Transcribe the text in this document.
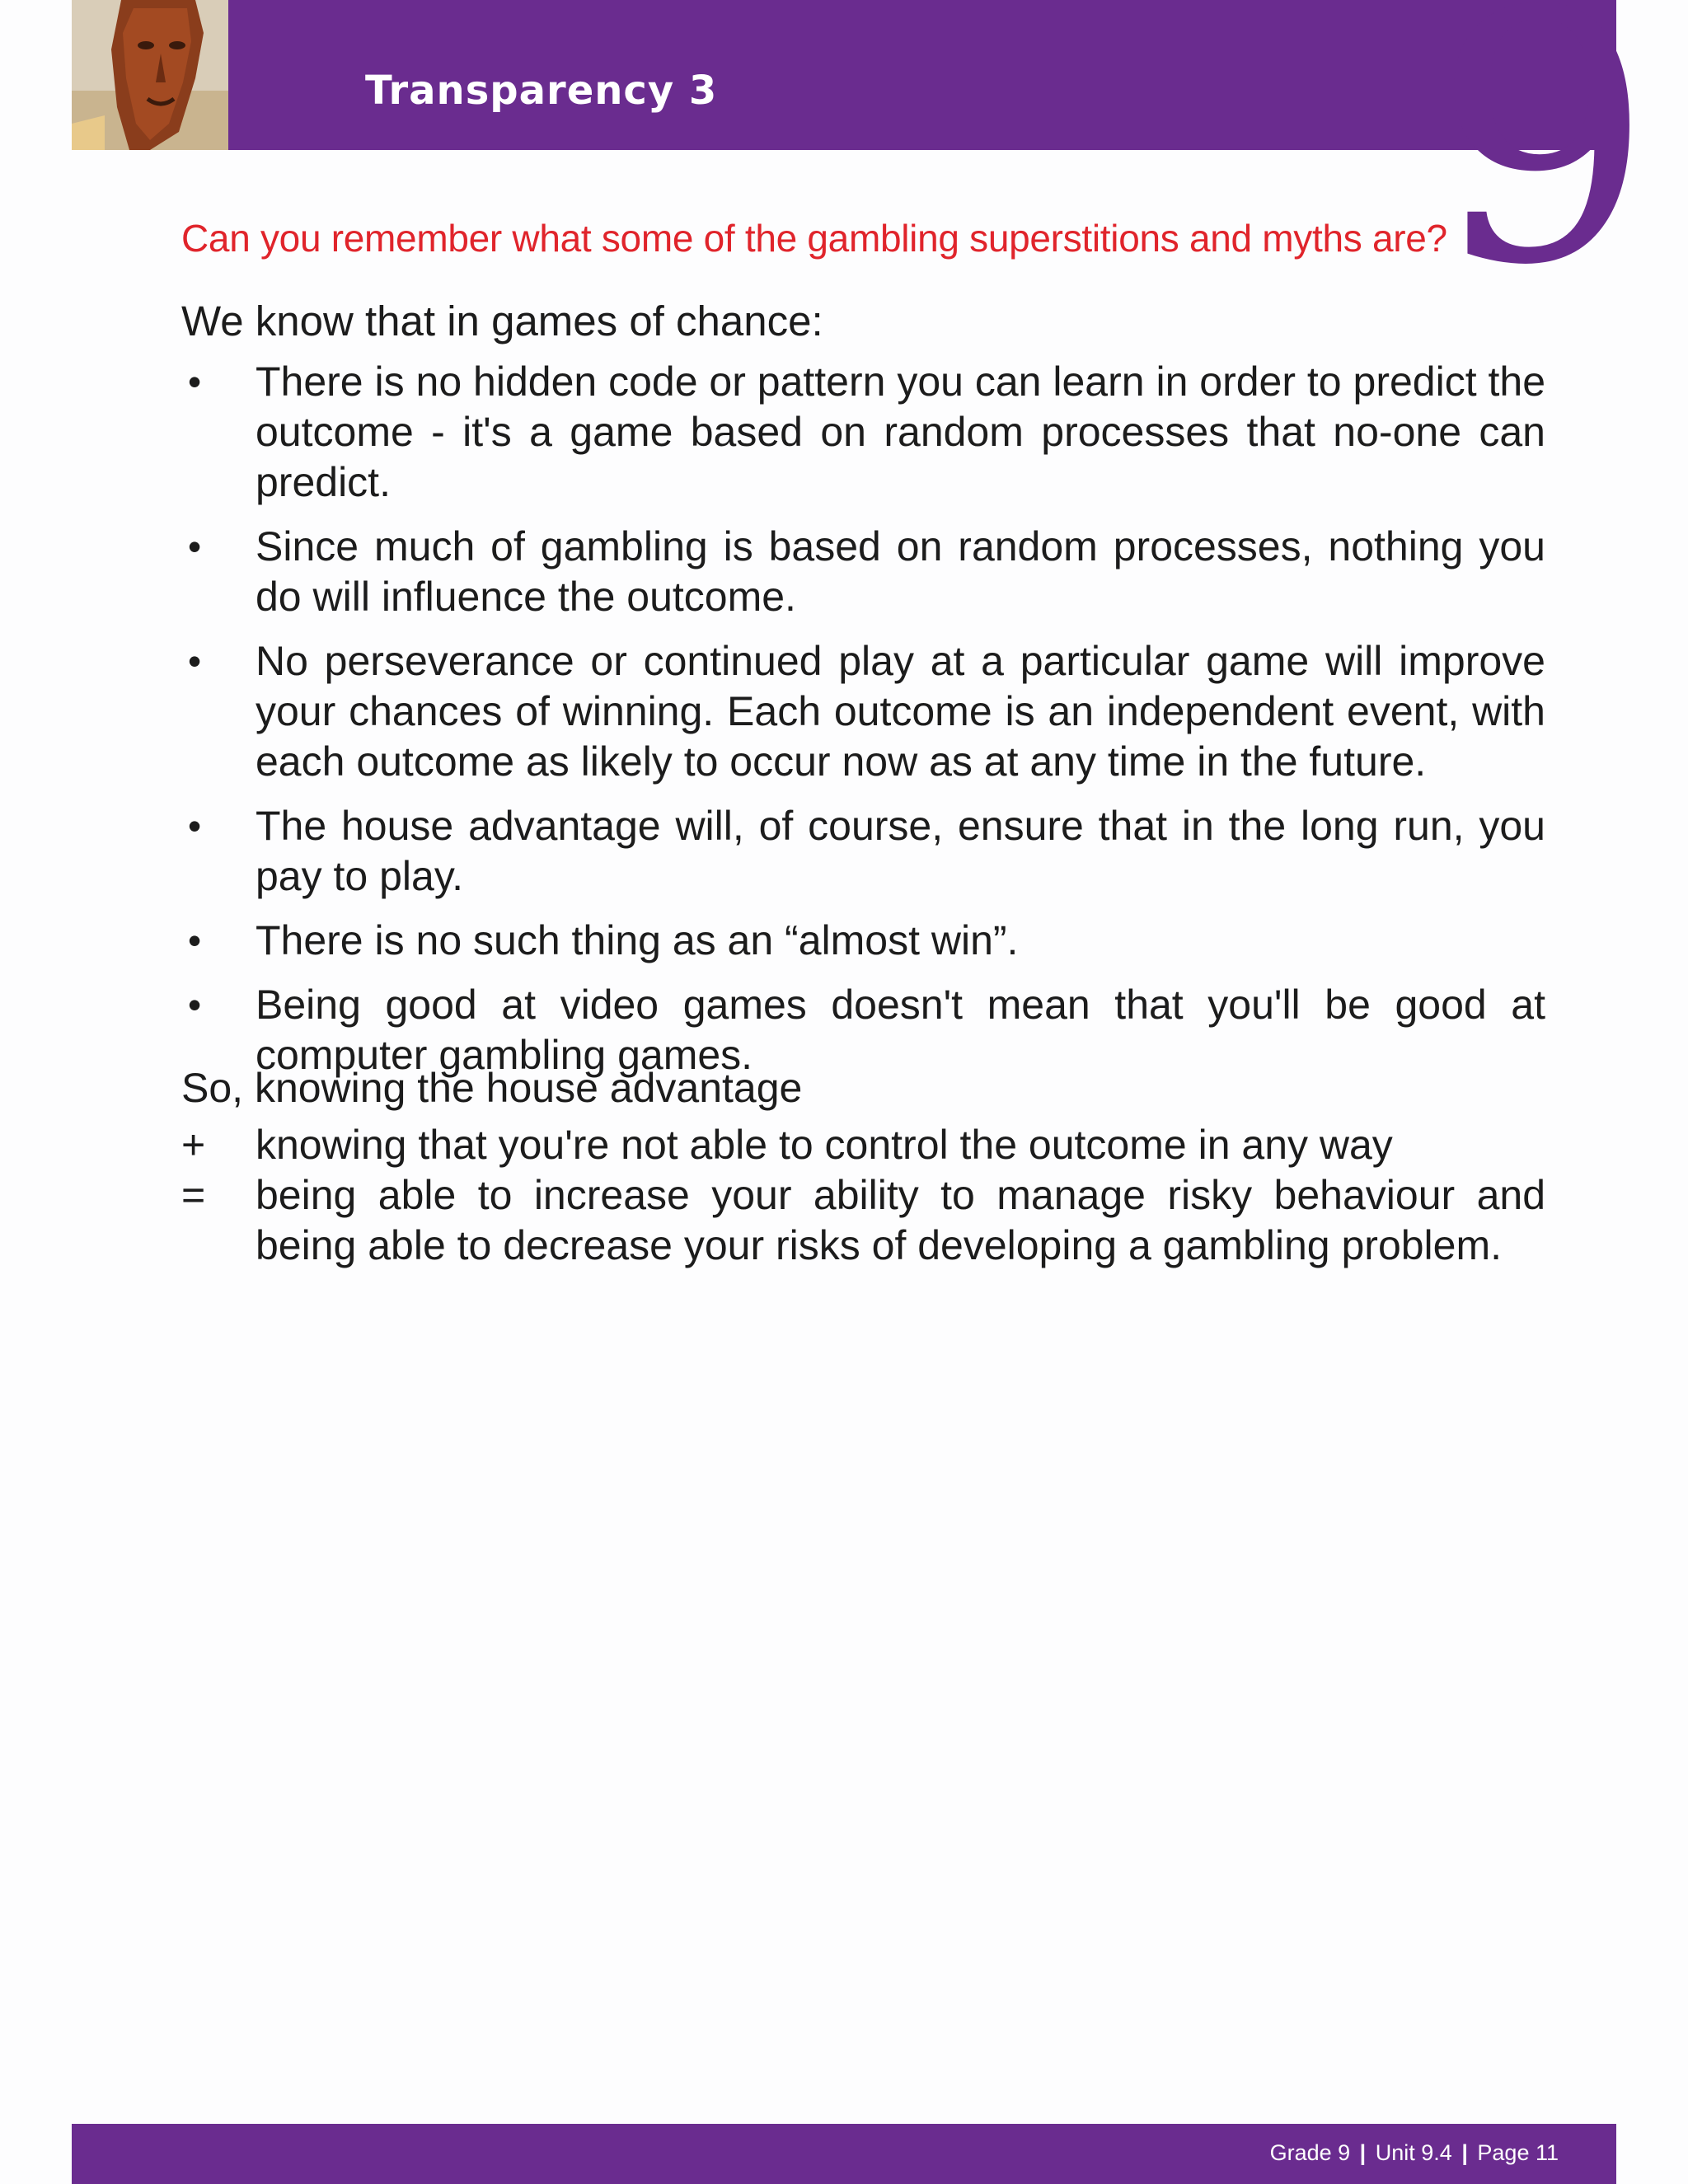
Transparency 3 9
Can you remember what some of the gambling superstitions and myths are?
We know that in games of chance:
• There is no hidden code or pattern you can learn in order to predict the outcome - it's a game based on random processes that no-one can predict.
• Since much of gambling is based on random processes, nothing you do will influence the outcome.
• No perseverance or continued play at a particular game will improve your chances of winning. Each outcome is an independent event, with each outcome as likely to occur now as at any time in the future.
• The house advantage will, of course, ensure that in the long run, you pay to play.
• There is no such thing as an “almost win”.
• Being good at video games doesn't mean that you'll be good at computer gambling games.
So, knowing the house advantage
+ knowing that you're not able to control the outcome in any way
= being able to increase your ability to manage risky behaviour and being able to decrease your risks of developing a gambling problem.
Grade 9 | Unit 9.4 | Page 11
